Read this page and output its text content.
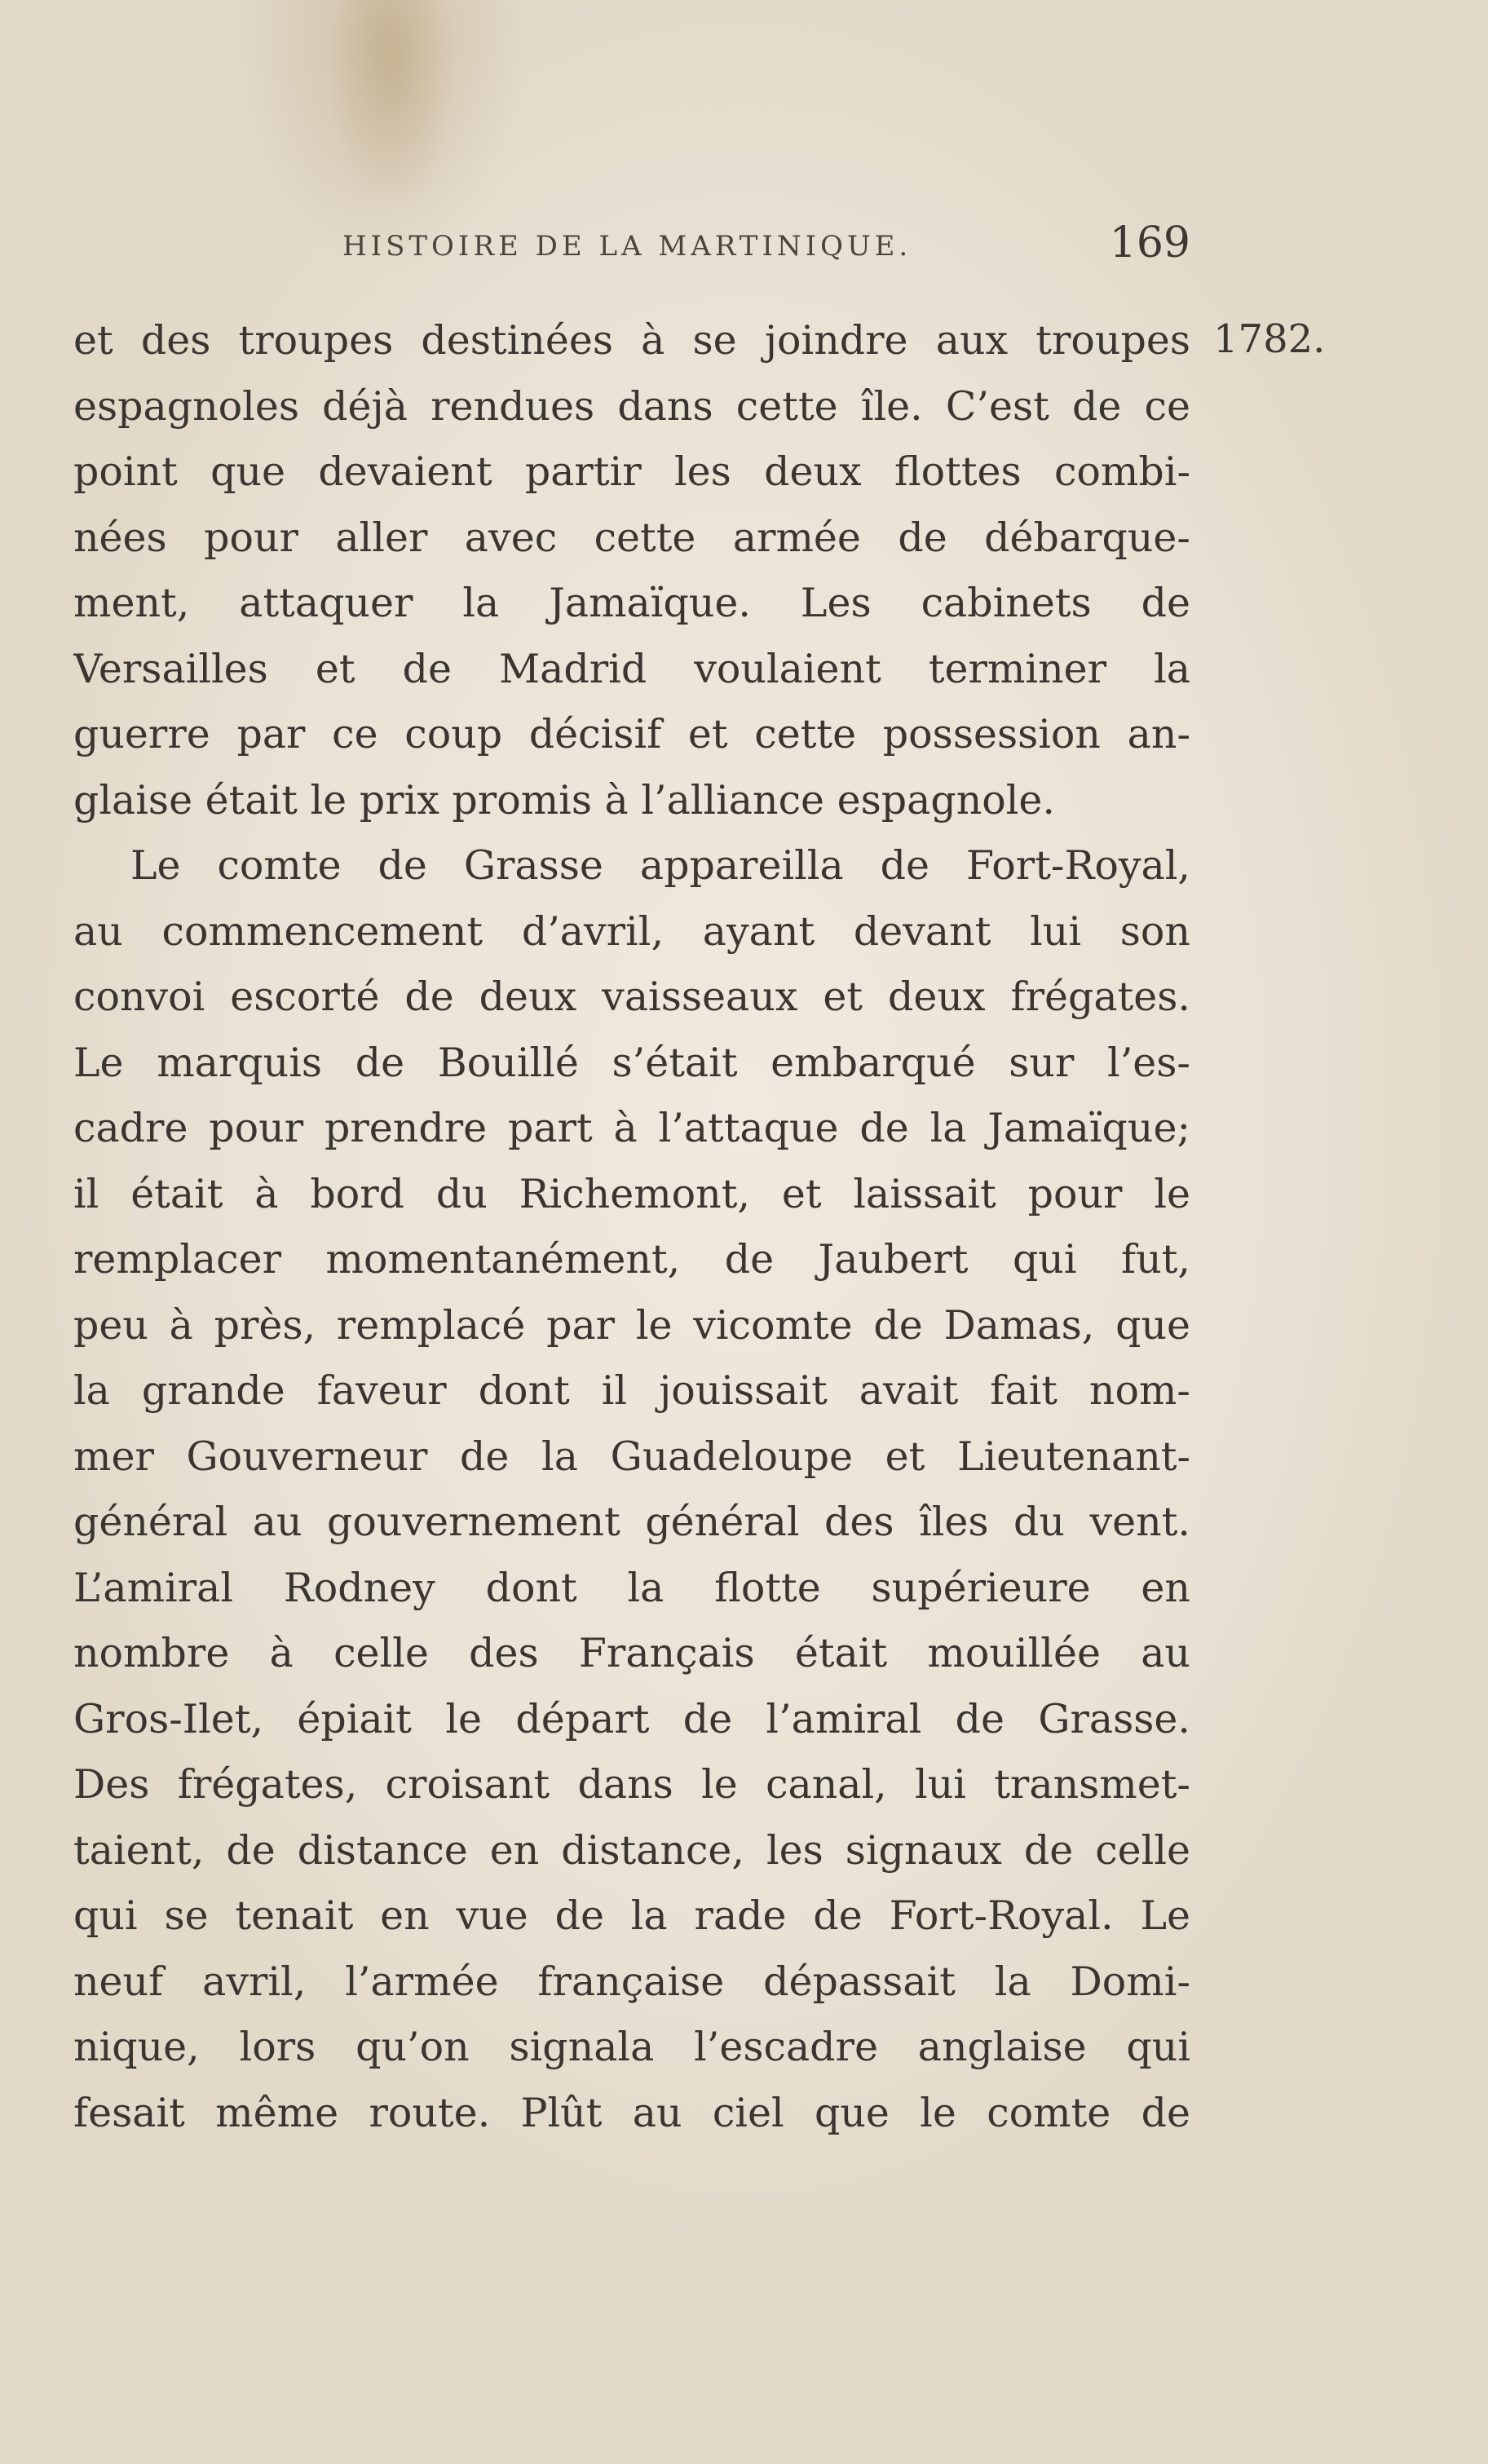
HISTOIRE DE LA MARTINIQUE.	169
1782.
et des troupes destinées à se joindre aux troupes
espagnoles déjà rendues dans cette île. C’est de ce
point que devaient partir les deux flottes combi-
nées pour aller avec cette armée de débarque-
ment, attaquer la Jamaïque. Les cabinets de
Versailles et de Madrid voulaient terminer la
guerre par ce coup décisif et cette possession an-
glaise était le prix promis à l’alliance espagnole.
Le comte de Grasse appareilla de Fort-Royal,
au commencement d’avril, ayant devant lui son
convoi escorté de deux vaisseaux et deux frégates.
Le marquis de Bouillé s’était embarqué sur l’es-
cadre pour prendre part à l’attaque de la Jamaïque;
il était à bord du Richemont, et laissait pour le
remplacer momentanément, de Jaubert qui fut,
peu à près, remplacé par le vicomte de Damas, que
la grande faveur dont il jouissait avait fait nom-
mer Gouverneur de la Guadeloupe et Lieutenant-
général au gouvernement général des îles du vent.
L’amiral Rodney dont la flotte supérieure en
nombre à celle des Français était mouillée au
Gros-Ilet, épiait le départ de l’amiral de Grasse.
Des frégates, croisant dans le canal, lui transmet-
taient, de distance en distance, les signaux de celle
qui se tenait en vue de la rade de Fort-Royal. Le
neuf avril, l’armée française dépassait la Domi-
nique, lors qu’on signala l’escadre anglaise qui
fesait même route. Plût au ciel que le comte de
